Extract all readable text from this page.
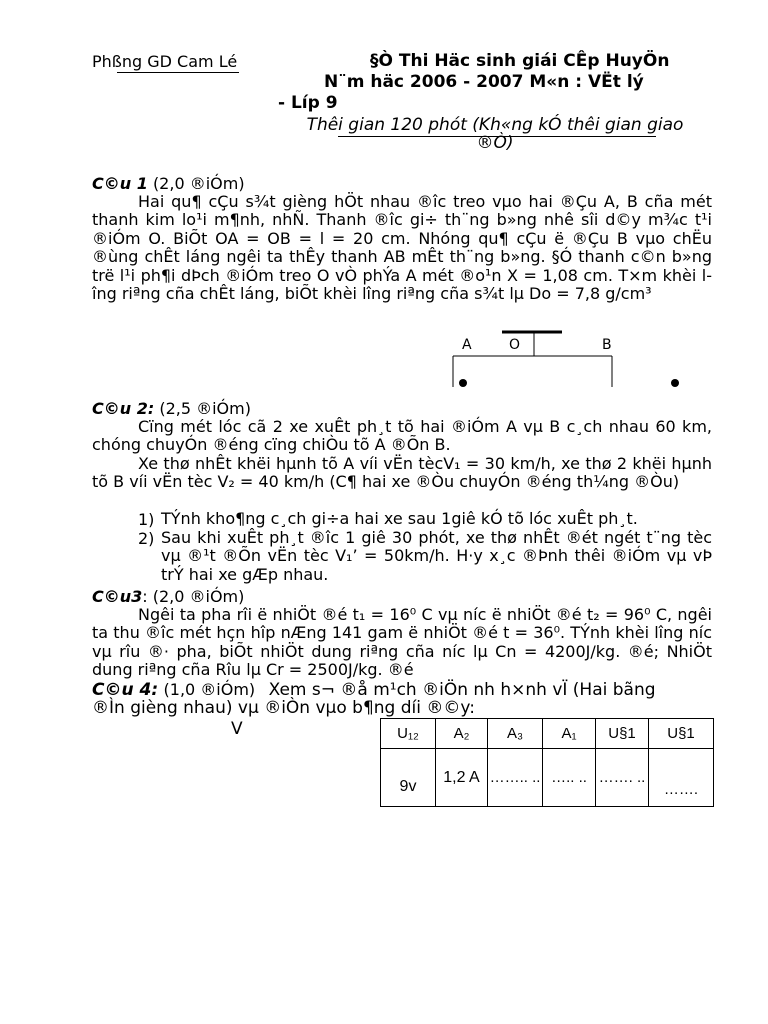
Phßng GD Cam Lé	§Ò Thi Häc sinh giái CÊp HuyÖn
N¨m häc 2006 - 2007 M«n : VËt lý
- Líp 9
Thêi gian 120 phót (Kh«ng kÓ thêi gian giao ®Ò)
C©u 1 (2,0 ®iÓm)
Hai qu¶ cÇu s¾t gièng hÖt nhau ®îc treo vµo hai ®Çu A, B cña mét thanh kim lo¹i m¶nh, nhÑ. Thanh ®îc gi÷ th¨ng b»ng nhê sîi d©y m¾c t¹i ®iÓm O. BiÕt OA = OB = l = 20 cm. Nhóng qu¶ cÇu ë ®Çu B vµo chËu ®ùng chÊt láng ngêi ta thÊy thanh AB mÊt th¨ng b»ng. §Ó thanh c©n b»ng trë l¹i ph¶i dÞch ®iÓm treo O vÒ phÝa A mét ®o¹n X = 1,08 cm. T×m khèi lîng riªng cña chÊt láng, biÕt khèi lîng riªng cña s¾t lµ Do = 7,8 g/cm³
A	O	B
C©u 2: (2,5 ®iÓm)
Cïng mét lóc cã 2 xe xuÊt ph¸t tõ hai ®iÓm A vµ B c¸ch nhau 60 km, chóng chuyÓn ®éng cïng chiÒu tõ A ®Õn B.
Xe thø nhÊt khëi hµnh tõ A víi vËn tècV₁ = 30 km/h, xe thø 2 khëi hµnh tõ B víi vËn tèc V₂ = 40 km/h (C¶ hai xe ®Òu chuyÓn ®éng th¼ng ®Òu)
1) TÝnh kho¶ng c¸ch gi÷a hai xe sau 1giê kÓ tõ lóc xuÊt ph¸t.
2) Sau khi xuÊt ph¸t ®îc 1 giê 30 phót, xe thø nhÊt ®ét ngét t¨ng tèc vµ ®¹t ®Õn vËn tèc V₁’ = 50km/h. H·y x¸c ®Þnh thêi ®iÓm vµ vÞ trÝ hai xe gÆp nhau.
C©u3: (2,0 ®iÓm)
Ngêi ta pha rîi ë nhiÖt ®é t₁ = 16⁰ C vµ níc ë nhiÖt ®é t₂ = 96⁰ C, ngêi ta thu ®îc mét hçn hîp nÆng 141 gam ë nhiÖt ®é t = 36⁰. TÝnh khèi lîng níc vµ rîu ®· pha, biÕt nhiÖt dung riªng cña níc lµ Cn = 4200J/kg. ®é; NhiÖt dung riªng cña Rîu lµ Cr = 2500J/kg. ®é
C©u 4: (1,0 ®iÓm) Xem s¬ ®å m¹ch ®iÖn nh h×nh vÏ (Hai bãng
®Ìn gièng nhau) vµ ®iÒn vµo b¶ng díi ®©y:
V	U₁₂	A₂	A₃	A₁	U§1	U§1
9v	1,2 A	…….. ..	….. ..	……. ..	…….
